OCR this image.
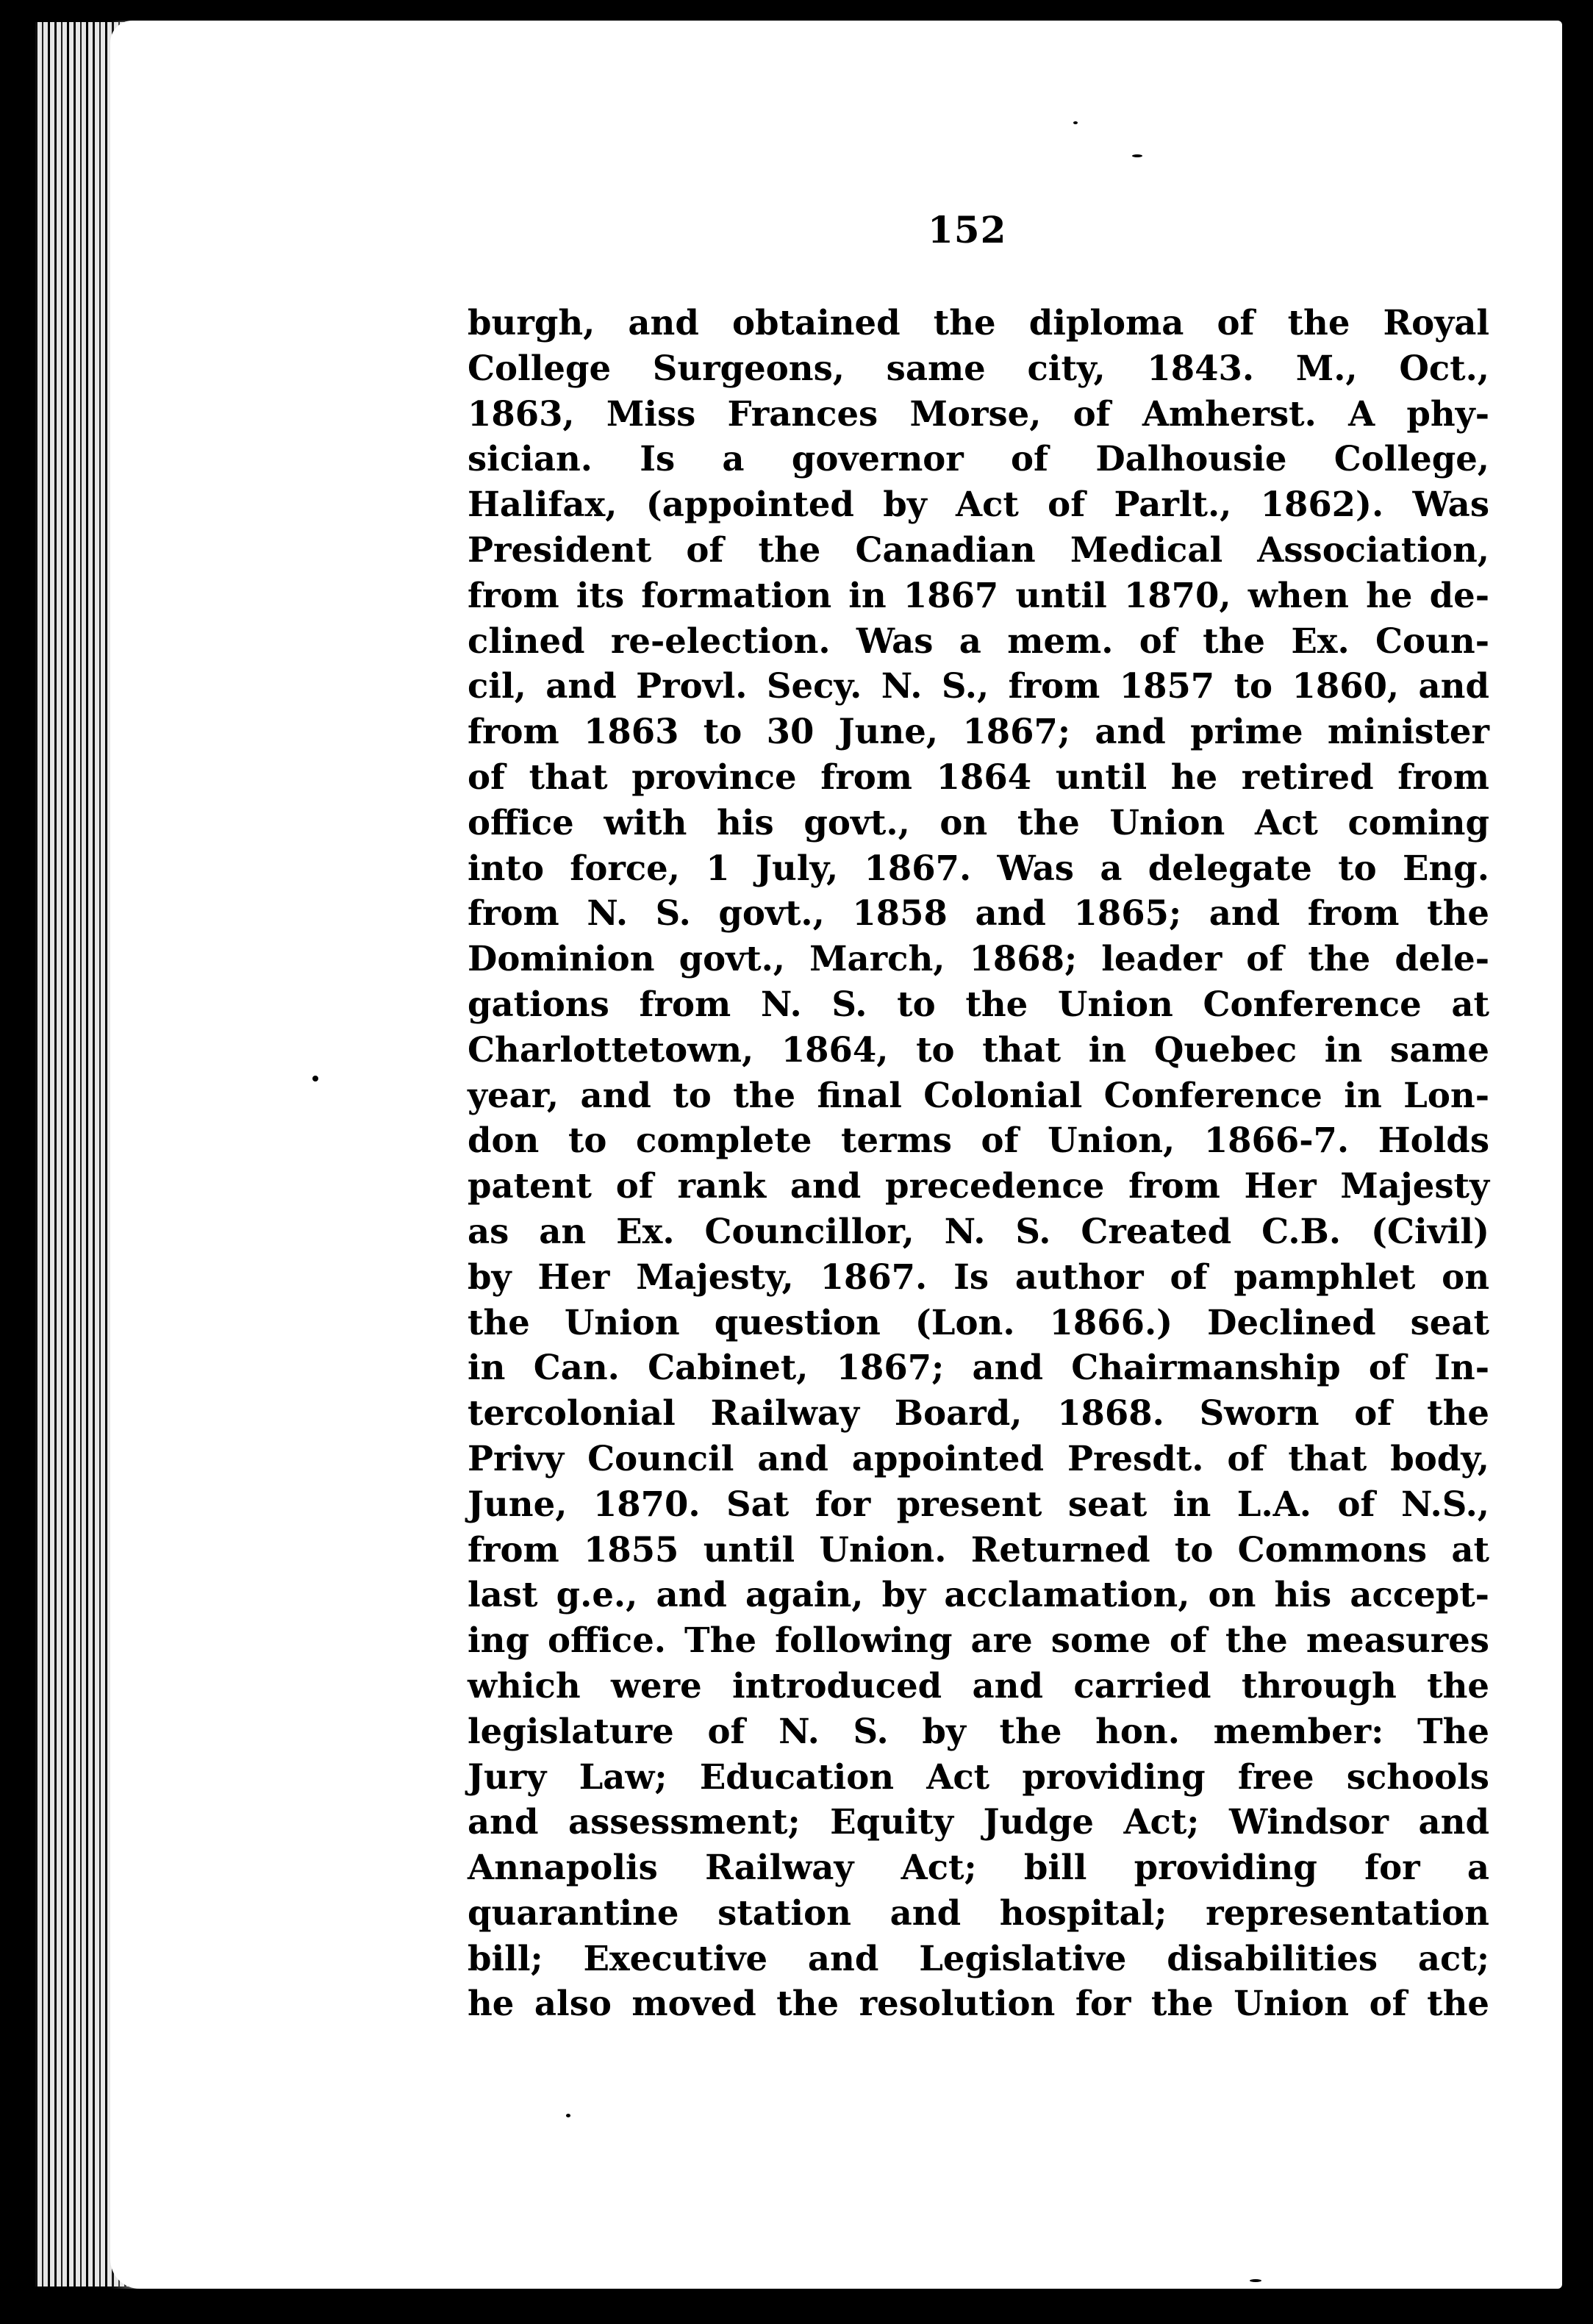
152
burgh, and obtained the diploma of the Royal
College Surgeons, same city, 1843. M., Oct.,
1863, Miss Frances Morse, of Amherst. A phy-
sician. Is a governor of Dalhousie College,
Halifax, (appointed by Act of Parlt., 1862). Was
President of the Canadian Medical Association,
from its formation in 1867 until 1870, when he de-
clined re-election. Was a mem. of the Ex. Coun-
cil, and Provl. Secy. N. S., from 1857 to 1860, and
from 1863 to 30 June, 1867; and prime minister
of that province from 1864 until he retired from
office with his govt., on the Union Act coming
into force, 1 July, 1867. Was a delegate to Eng.
from N. S. govt., 1858 and 1865; and from the
Dominion govt., March, 1868; leader of the dele-
gations from N. S. to the Union Conference at
Charlottetown, 1864, to that in Quebec in same
year, and to the final Colonial Conference in Lon-
don to complete terms of Union, 1866-7. Holds
patent of rank and precedence from Her Majesty
as an Ex. Councillor, N. S. Created C.B. (Civil)
by Her Majesty, 1867. Is author of pamphlet on
the Union question (Lon. 1866.) Declined seat
in Can. Cabinet, 1867; and Chairmanship of In-
tercolonial Railway Board, 1868. Sworn of the
Privy Council and appointed Presdt. of that body,
June, 1870. Sat for present seat in L.A. of N.S.,
from 1855 until Union. Returned to Commons at
last g.e., and again, by acclamation, on his accept-
ing office. The following are some of the measures
which were introduced and carried through the
legislature of N. S. by the hon. member: The
Jury Law; Education Act providing free schools
and assessment; Equity Judge Act; Windsor and
Annapolis Railway Act; bill providing for a
quarantine station and hospital; representation
bill; Executive and Legislative disabilities act;
he also moved the resolution for the Union of the
